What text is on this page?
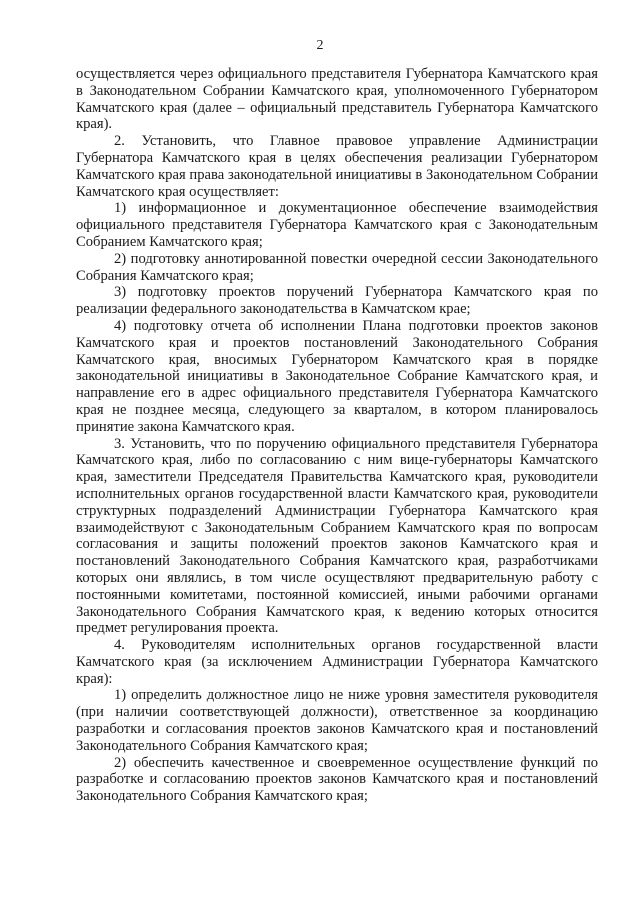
2

осуществляется через официального представителя Губернатора Камчатского края в Законодательном Собрании Камчатского края, уполномоченного Губернатором Камчатского края (далее – официальный представитель Губернатора Камчатского края).

2. Установить, что Главное правовое управление Администрации Губернатора Камчатского края в целях обеспечения реализации Губернатором Камчатского края права законодательной инициативы в Законодательном Собрании Камчатского края осуществляет:

1) информационное и документационное обеспечение взаимодействия официального представителя Губернатора Камчатского края с Законодательным Собранием Камчатского края;

2) подготовку аннотированной повестки очередной сессии Законодательного Собрания Камчатского края;

3) подготовку проектов поручений Губернатора Камчатского края по реализации федерального законодательства в Камчатском крае;

4) подготовку отчета об исполнении Плана подготовки проектов законов Камчатского края и проектов постановлений Законодательного Собрания Камчатского края, вносимых Губернатором Камчатского края в порядке законодательной инициативы в Законодательное Собрание Камчатского края, и направление его в адрес официального представителя Губернатора Камчатского края не позднее месяца, следующего за кварталом, в котором планировалось принятие закона Камчатского края.

3. Установить, что по поручению официального представителя Губернатора Камчатского края, либо по согласованию с ним вице-губернаторы Камчатского края, заместители Председателя Правительства Камчатского края, руководители исполнительных органов государственной власти Камчатского края, руководители структурных подразделений Администрации Губернатора Камчатского края взаимодействуют с Законодательным Собранием Камчатского края по вопросам согласования и защиты положений проектов законов Камчатского края и постановлений Законодательного Собрания Камчатского края, разработчиками которых они являлись, в том числе осуществляют предварительную работу с постоянными комитетами, постоянной комиссией, иными рабочими органами Законодательного Собрания Камчатского края, к ведению которых относится предмет регулирования проекта.

4. Руководителям исполнительных органов государственной власти Камчатского края (за исключением Администрации Губернатора Камчатского края):

1) определить должностное лицо не ниже уровня заместителя руководителя (при наличии соответствующей должности), ответственное за координацию разработки и согласования проектов законов Камчатского края и постановлений Законодательного Собрания Камчатского края;

2) обеспечить качественное и своевременное осуществление функций по разработке и согласованию проектов законов Камчатского края и постановлений Законодательного Собрания Камчатского края;
